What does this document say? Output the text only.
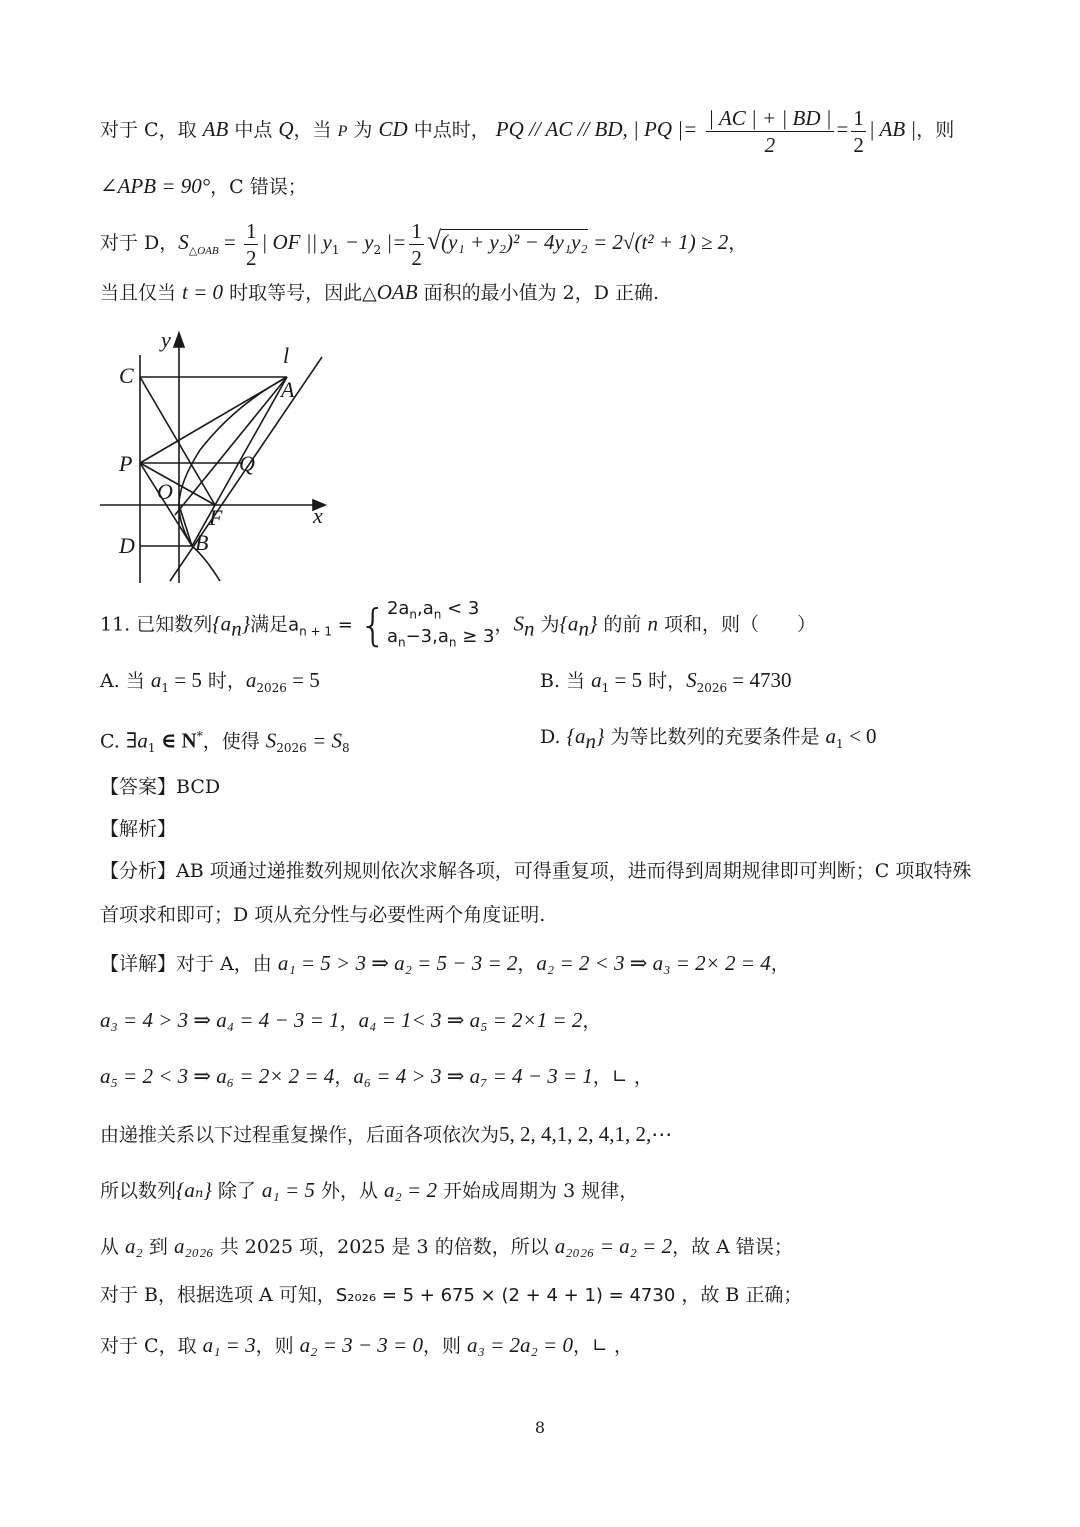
对于 C，取 AB 中点 Q，当 P 为 CD 中点时， PQ // AC // BD, | PQ |= $\frac{| AC | + | BD |}{2} = \frac{1}{2}$ | AB |，则
∠APB = 90°，C 错误；
对于 D，$S_{\triangle OAB} = \frac{1}{2}$ | OF || $y_1 - y_2$ |= $\frac{1}{2} √(y_1 + y_2)^2 - 4y_1y_2 = 2√(t^2 + 1) \ge 2$，
当且仅当 t = 0 时取等号，因此△OAB 面积的最小值为 2，D 正确.
y
l
C
A
P	Q
O
F	x
D	B
11. 已知数列$\{a_n\}$满足$a_{n + 1}$ = { $2a_n,a_n < 3$
$a_n-3,a_n \ge 3$
，$S_n$ 为$\{a_n\}$ 的前 n 项和，则（　　）
A. 当 $a_1 = 5$ 时，$a_{2026} = 5$	B. 当 $a_1 = 5$ 时，$S_{2026} = 4730$
C. $\exists a_1$ ∈ N*，使得 $S_{2026} = S_8$
D. $\{a_n\}$ 为等比数列的充要条件是 $a_1 < 0$
【答案】BCD
【解析】
【分析】AB 项通过递推数列规则依次求解各项，可得重复项，进而得到周期规律即可判断；C 项取特殊
首项求和即可；D 项从充分性与必要性两个角度证明.
【详解】对于 A，由 a₁ = 5 > 3 ⇒ a₂ = 5 − 3 = 2，a₂ = 2 < 3 ⇒ a₃ = 2× 2 = 4，
a₃ = 4 > 3 ⇒ a₄ = 4 − 3 = 1，a₄ = 1< 3 ⇒ a₅ = 2×1 = 2，
a₅ = 2 < 3 ⇒ a₆ = 2× 2 = 4，a₆ = 4 > 3 ⇒ a₇ = 4 − 3 = 1，∟ ，
由递推关系以下过程重复操作，后面各项依次为5, 2, 4,1, 2, 4,1, 2,⋯
所以数列{aₙ} 除了 a₁ = 5 外，从 a₂ = 2 开始成周期为 3 规律，
从 a₂ 到 a₂₀₂₆ 共 2025 项，2025 是 3 的倍数，所以 a₂₀₂₆ = a₂ = 2，故 A 错误；
对于 B，根据选项 A 可知，S₂₀₂₆ = 5 + 675 × (2 + 4 + 1) = 4730 ，故 B 正确；
对于 C，取 a₁ = 3，则 a₂ = 3 − 3 = 0，则 a₃ = 2a₂ = 0，∟ ，
8
